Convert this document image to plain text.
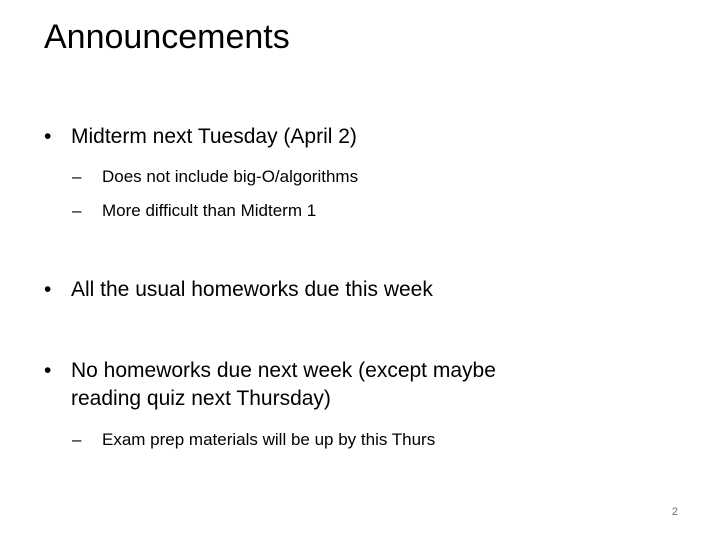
Announcements
• Midterm next Tuesday (April 2)
–	Does not include big-O/algorithms
–	More difficult than Midterm 1
• All the usual homeworks due this week
• No homeworks due next week (except maybe
reading quiz next Thursday)
–	Exam prep materials will be up by this Thurs
2
